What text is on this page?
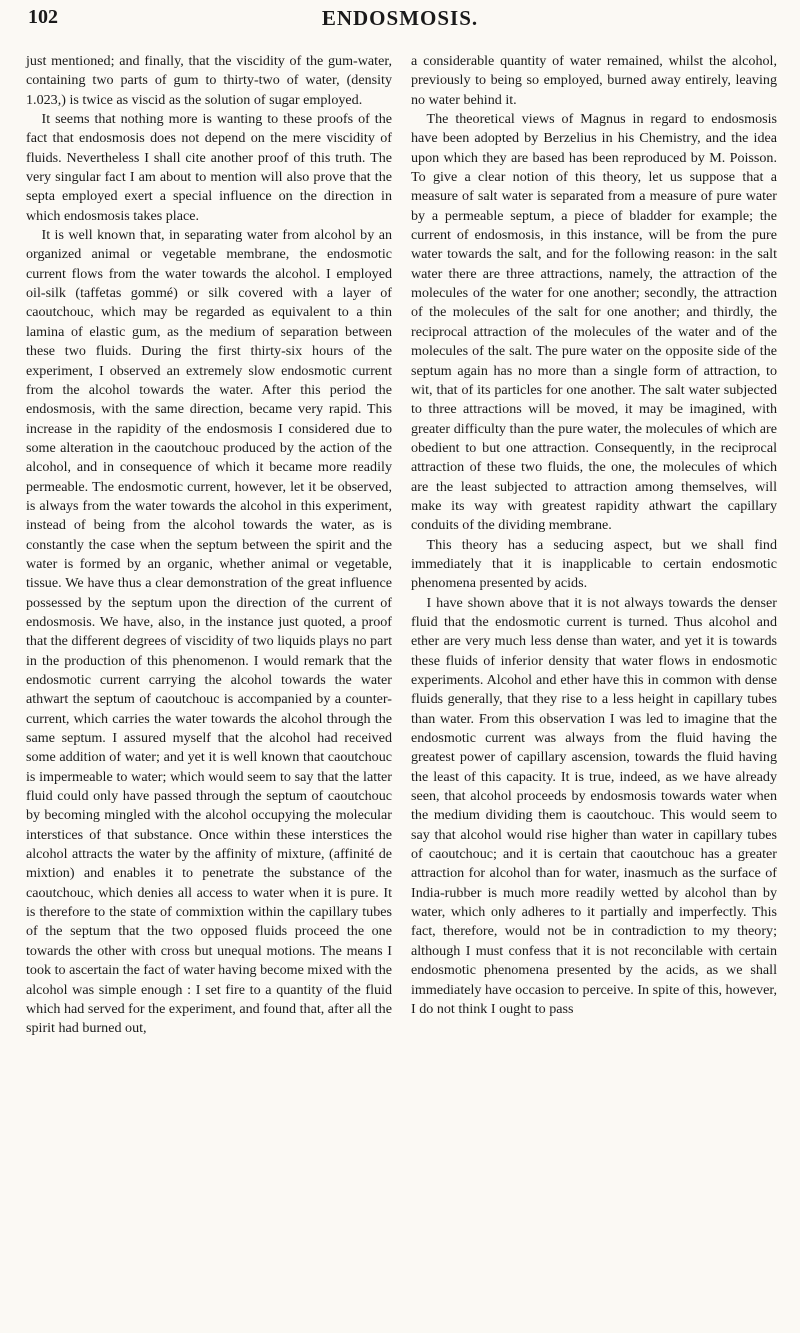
102	ENDOSMOSIS.

just mentioned; and finally, that the viscidity of the gum-water, containing two parts of gum to thirty-two of water, (density 1.023,) is twice as viscid as the solution of sugar employed.

It seems that nothing more is wanting to these proofs of the fact that endosmosis does not depend on the mere viscidity of fluids. Nevertheless I shall cite another proof of this truth. The very singular fact I am about to mention will also prove that the septa employed exert a special influence on the direction in which endosmosis takes place.

It is well known that, in separating water from alcohol by an organized animal or vegetable membrane, the endosmotic current flows from the water towards the alcohol. I employed oil-silk (taffetas gommé) or silk covered with a layer of caoutchouc, which may be regarded as equivalent to a thin lamina of elastic gum, as the medium of separation between these two fluids. During the first thirty-six hours of the experiment, I observed an extremely slow endosmotic current from the alcohol towards the water. After this period the endosmosis, with the same direction, became very rapid. This increase in the rapidity of the endosmosis I considered due to some alteration in the caoutchouc produced by the action of the alcohol, and in consequence of which it became more readily permeable. The endosmotic current, however, let it be observed, is always from the water towards the alcohol in this experiment, instead of being from the alcohol towards the water, as is constantly the case when the septum between the spirit and the water is formed by an organic, whether animal or vegetable, tissue. We have thus a clear demonstration of the great influence possessed by the septum upon the direction of the current of endosmosis. We have, also, in the instance just quoted, a proof that the different degrees of viscidity of two liquids plays no part in the production of this phenomenon. I would remark that the endosmotic current carrying the alcohol towards the water athwart the septum of caoutchouc is accompanied by a counter-current, which carries the water towards the alcohol through the same septum. I assured myself that the alcohol had received some addition of water; and yet it is well known that caoutchouc is impermeable to water; which would seem to say that the latter fluid could only have passed through the septum of caoutchouc by becoming mingled with the alcohol occupying the molecular interstices of that substance. Once within these interstices the alcohol attracts the water by the affinity of mixture, (affinité de mixtion) and enables it to penetrate the substance of the caoutchouc, which denies all access to water when it is pure. It is therefore to the state of commixtion within the capillary tubes of the septum that the two opposed fluids proceed the one towards the other with cross but unequal motions. The means I took to ascertain the fact of water having become mixed with the alcohol was simple enough : I set fire to a quantity of the fluid which had served for the experiment, and found that, after all the spirit had burned out,

a considerable quantity of water remained, whilst the alcohol, previously to being so employed, burned away entirely, leaving no water behind it.

The theoretical views of Magnus in regard to endosmosis have been adopted by Berzelius in his Chemistry, and the idea upon which they are based has been reproduced by M. Poisson. To give a clear notion of this theory, let us suppose that a measure of salt water is separated from a measure of pure water by a permeable septum, a piece of bladder for example; the current of endosmosis, in this instance, will be from the pure water towards the salt, and for the following reason: in the salt water there are three attractions, namely, the attraction of the molecules of the water for one another; secondly, the attraction of the molecules of the salt for one another; and thirdly, the reciprocal attraction of the molecules of the water and of the molecules of the salt. The pure water on the opposite side of the septum again has no more than a single form of attraction, to wit, that of its particles for one another. The salt water subjected to three attractions will be moved, it may be imagined, with greater difficulty than the pure water, the molecules of which are obedient to but one attraction. Consequently, in the reciprocal attraction of these two fluids, the one, the molecules of which are the least subjected to attraction among themselves, will make its way with greatest rapidity athwart the capillary conduits of the dividing membrane.

This theory has a seducing aspect, but we shall find immediately that it is inapplicable to certain endosmotic phenomena presented by acids.

I have shown above that it is not always towards the denser fluid that the endosmotic current is turned. Thus alcohol and ether are very much less dense than water, and yet it is towards these fluids of inferior density that water flows in endosmotic experiments. Alcohol and ether have this in common with dense fluids generally, that they rise to a less height in capillary tubes than water. From this observation I was led to imagine that the endosmotic current was always from the fluid having the greatest power of capillary ascension, towards the fluid having the least of this capacity. It is true, indeed, as we have already seen, that alcohol proceeds by endosmosis towards water when the medium dividing them is caoutchouc. This would seem to say that alcohol would rise higher than water in capillary tubes of caoutchouc; and it is certain that caoutchouc has a greater attraction for alcohol than for water, inasmuch as the surface of India-rubber is much more readily wetted by alcohol than by water, which only adheres to it partially and imperfectly. This fact, therefore, would not be in contradiction to my theory; although I must confess that it is not reconcilable with certain endosmotic phenomena presented by the acids, as we shall immediately have occasion to perceive. In spite of this, however, I do not think I ought to pass
